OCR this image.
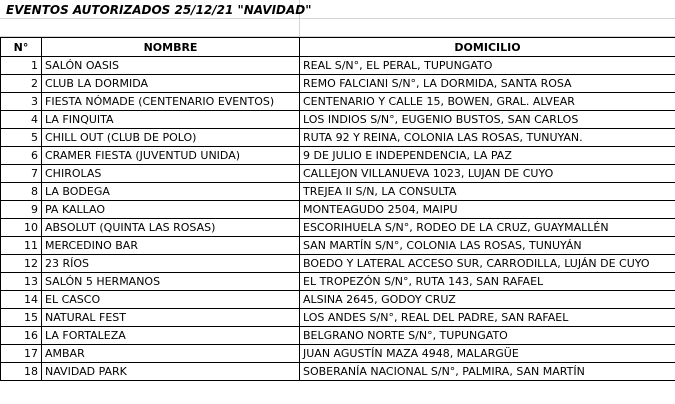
EVENTOS AUTORIZADOS 25/12/21 "NAVIDAD"
N°	NOMBRE	DOMICILIO
1	SALÓN OASIS	REAL S/N°, EL PERAL, TUPUNGATO
2	CLUB LA DORMIDA	REMO FALCIANI S/N°, LA DORMIDA, SANTA ROSA
3	FIESTA NÓMADE (CENTENARIO EVENTOS)	CENTENARIO Y CALLE 15, BOWEN, GRAL. ALVEAR
4	LA FINQUITA	LOS INDIOS S/N°, EUGENIO BUSTOS, SAN CARLOS
5	CHILL OUT (CLUB DE POLO)	RUTA 92 Y REINA, COLONIA LAS ROSAS, TUNUYAN.
6	CRAMER FIESTA (JUVENTUD UNIDA)	9 DE JULIO E INDEPENDENCIA, LA PAZ
7	CHIROLAS	CALLEJON VILLANUEVA 1023, LUJAN DE CUYO
8	LA BODEGA	TREJEA II S/N, LA CONSULTA
9	PA KALLAO	MONTEAGUDO 2504, MAIPU
10	ABSOLUT (QUINTA LAS ROSAS)	ESCORIHUELA S/N°, RODEO DE LA CRUZ, GUAYMALLÉN
11	MERCEDINO BAR	SAN MARTÍN S/N°, COLONIA LAS ROSAS, TUNUYÁN
12	23 RÍOS	BOEDO Y LATERAL ACCESO SUR, CARRODILLA, LUJÁN DE CUYO
13	SALÓN 5 HERMANOS	EL TROPEZÓN S/N°, RUTA 143, SAN RAFAEL
14	EL CASCO	ALSINA 2645, GODOY CRUZ
15	NATURAL FEST	LOS ANDES S/N°, REAL DEL PADRE, SAN RAFAEL
16	LA FORTALEZA	BELGRANO NORTE S/N°, TUPUNGATO
17	AMBAR	JUAN AGUSTÍN MAZA 4948, MALARGÜE
18	NAVIDAD PARK	SOBERANÍA NACIONAL S/N°, PALMIRA, SAN MARTÍN
